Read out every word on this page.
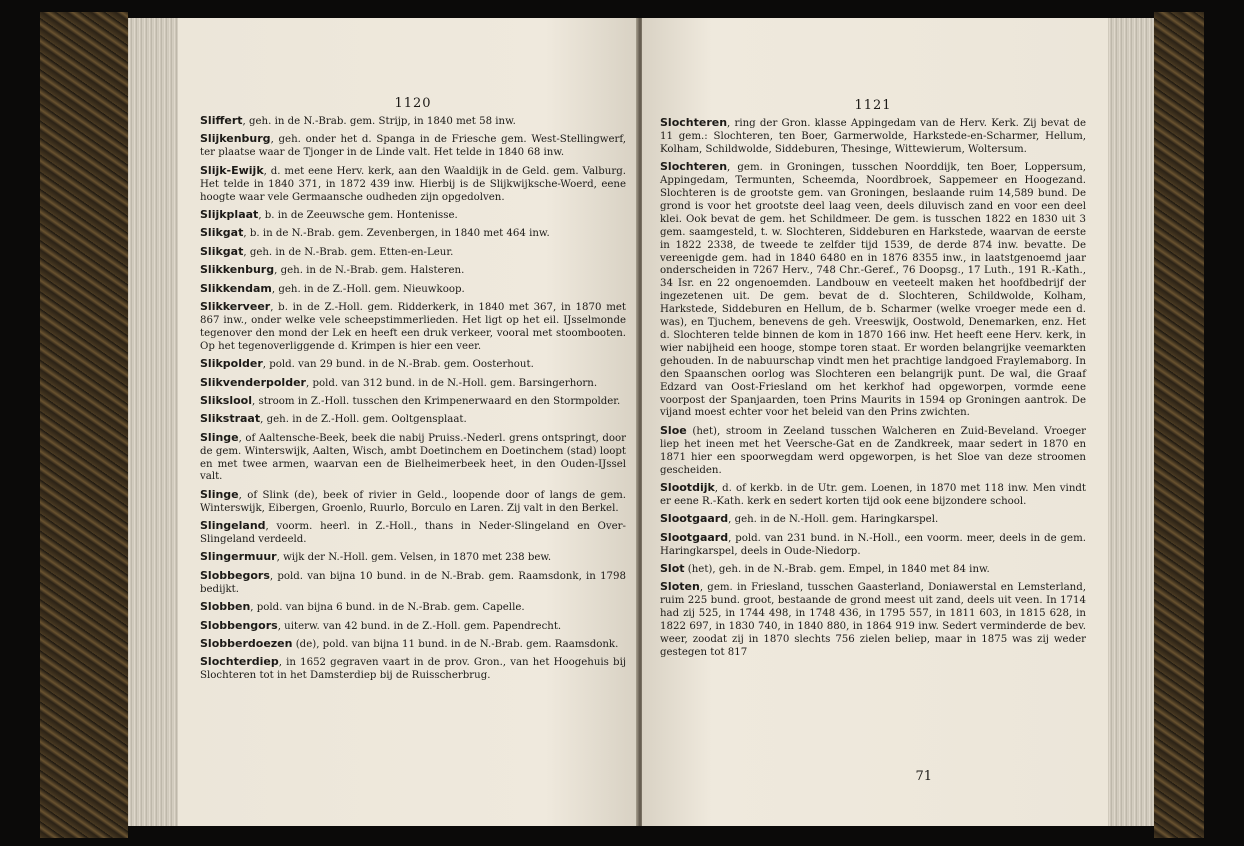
1120

Sliffert, geh. in de N.-Brab. gem. Strijp, in 1840 met 58 inw.

Slijkenburg, geh. onder het d. Spanga in de Friesche gem. West-Stellingwerf, ter plaatse waar de Tjonger in de Linde valt. Het telde in 1840 68 inw.

Slijk-Ewijk, d. met eene Herv. kerk, aan den Waaldijk in de Geld. gem. Valburg. Het telde in 1840 371, in 1872 439 inw. Hierbij is de Slijkwijksche-Woerd, eene hoogte waar vele Germaansche oudheden zijn opgedolven.

Slijkplaat, b. in de Zeeuwsche gem. Hontenisse.

Slikgat, b. in de N.-Brab. gem. Zevenbergen, in 1840 met 464 inw.

Slikgat, geh. in de N.-Brab. gem. Etten-en-Leur.

Slikkenburg, geh. in de N.-Brab. gem. Halsteren.

Slikkendam, geh. in de Z.-Holl. gem. Nieuwkoop.

Slikkerveer, b. in de Z.-Holl. gem. Ridderkerk, in 1840 met 367, in 1870 met 867 inw., onder welke vele scheepstimmerlieden. Het ligt op het eil. IJsselmonde tegenover den mond der Lek en heeft een druk verkeer, vooral met stoombooten. Op het tegenoverliggende d. Krimpen is hier een veer.

Slikpolder, pold. van 29 bund. in de N.-Brab. gem. Oosterhout.

Slikvenderpolder, pold. van 312 bund. in de N.-Holl. gem. Barsingerhorn.

Slikslool, stroom in Z.-Holl. tusschen den Krimpenerwaard en den Stormpolder.

Slikstraat, geh. in de Z.-Holl. gem. Ooltgensplaat.

Slinge, of Aaltensche-Beek, beek die nabij Pruiss.-Nederl. grens ontspringt, door de gem. Winterswijk, Aalten, Wisch, ambt Doetinchem en Doetinchem (stad) loopt en met twee armen, waarvan een de Bielheimerbeek heet, in den Ouden-IJssel valt.

Slinge, of Slink (de), beek of rivier in Geld., loopende door of langs de gem. Winterswijk, Eibergen, Groenlo, Ruurlo, Borculo en Laren. Zij valt in den Berkel.

Slingeland, voorm. heerl. in Z.-Holl., thans in Neder-Slingeland en Over-Slingeland verdeeld.

Slingermuur, wijk der N.-Holl. gem. Velsen, in 1870 met 238 bew.

Slobbegors, pold. van bijna 10 bund. in de N.-Brab. gem. Raamsdonk, in 1798 bedijkt.

Slobben, pold. van bijna 6 bund. in de N.-Brab. gem. Capelle.

Slobbengors, uiterw. van 42 bund. in de Z.-Holl. gem. Papendrecht.

Slobberdoezen (de), pold. van bijna 11 bund. in de N.-Brab. gem. Raamsdonk.

Slochterdiep, in 1652 gegraven vaart in de prov. Gron., van het Hoogehuis bij Slochteren tot in het Damsterdiep bij de Ruisscherbrug.

1121

Slochteren, ring der Gron. klasse Appingedam van de Herv. Kerk. Zij bevat de 11 gem.: Slochteren, ten Boer, Garmerwolde, Harkstede-en-Scharmer, Hellum, Kolham, Schildwolde, Siddeburen, Thesinge, Wittewierum, Woltersum.

Slochteren, gem. in Groningen, tusschen Noorddijk, ten Boer, Loppersum, Appingedam, Termunten, Scheemda, Noordbroek, Sappemeer en Hoogezand. Slochteren is de grootste gem. van Groningen, beslaande ruim 14,589 bund. De grond is voor het grootste deel laag veen, deels diluvisch zand en voor een deel klei. Ook bevat de gem. het Schildmeer. De gem. is tusschen 1822 en 1830 uit 3 gem. saamgesteld, t. w. Slochteren, Siddeburen en Harkstede, waarvan de eerste in 1822 2338, de tweede te zelfder tijd 1539, de derde 874 inw. bevatte. De vereenigde gem. had in 1840 6480 en in 1876 8355 inw., in laatstgenoemd jaar onderscheiden in 7267 Herv., 748 Chr.-Geref., 76 Doopsg., 17 Luth., 191 R.-Kath., 34 Isr. en 22 ongenoemden. Landbouw en veeteelt maken het hoofdbedrijf der ingezetenen uit. De gem. bevat de d. Slochteren, Schildwolde, Kolham, Harkstede, Siddeburen en Hellum, de b. Scharmer (welke vroeger mede een d. was), en Tjuchem, benevens de geh. Vreeswijk, Oostwold, Denemarken, enz. Het d. Slochteren telde binnen de kom in 1870 166 inw. Het heeft eene Herv. kerk, in wier nabijheid een hooge, stompe toren staat. Er worden belangrijke veemarkten gehouden. In de nabuurschap vindt men het prachtige landgoed Fraylemaborg. In den Spaanschen oorlog was Slochteren een belangrijk punt. De wal, die Graaf Edzard van Oost-Friesland om het kerkhof had opgeworpen, vormde eene voorpost der Spanjaarden, toen Prins Maurits in 1594 op Groningen aantrok. De vijand moest echter voor het beleid van den Prins zwichten.

Sloe (het), stroom in Zeeland tusschen Walcheren en Zuid-Beveland. Vroeger liep het ineen met het Veersche-Gat en de Zandkreek, maar sedert in 1870 en 1871 hier een spoorwegdam werd opgeworpen, is het Sloe van deze stroomen gescheiden.

Slootdijk, d. of kerkb. in de Utr. gem. Loenen, in 1870 met 118 inw. Men vindt er eene R.-Kath. kerk en sedert korten tijd ook eene bijzondere school.

Slootgaard, geh. in de N.-Holl. gem. Haringkarspel.

Slootgaard, pold. van 231 bund. in N.-Holl., een voorm. meer, deels in de gem. Haringkarspel, deels in Oude-Niedorp.

Slot (het), geh. in de N.-Brab. gem. Empel, in 1840 met 84 inw.

Sloten, gem. in Friesland, tusschen Gaasterland, Doniawerstal en Lemsterland, ruim 225 bund. groot, bestaande de grond meest uit zand, deels uit veen. In 1714 had zij 525, in 1744 498, in 1748 436, in 1795 557, in 1811 603, in 1815 628, in 1822 697, in 1830 740, in 1840 880, in 1864 919 inw. Sedert verminderde de bev. weer, zoodat zij in 1870 slechts 756 zielen beliep, maar in 1875 was zij weder gestegen tot 817

71
